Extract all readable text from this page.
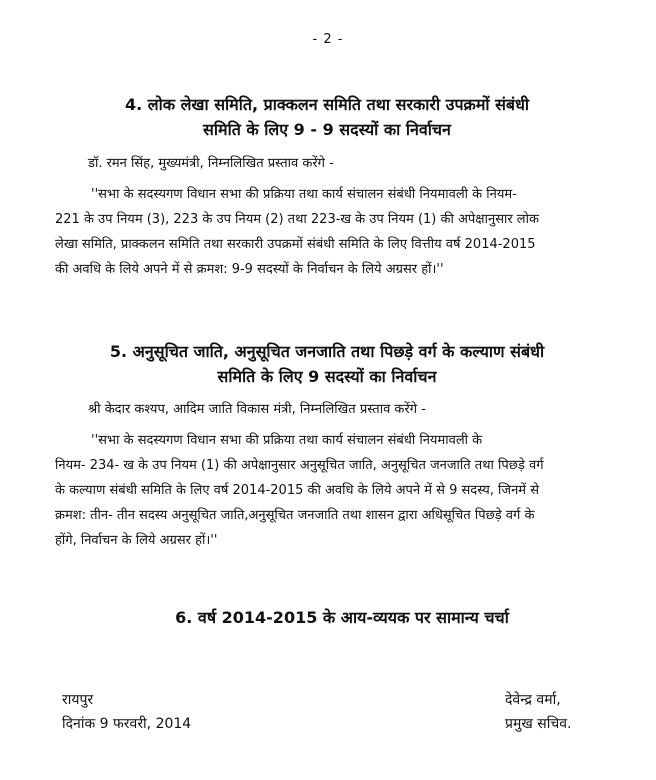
- 2 -
4. लोक लेखा समिति, प्राक्कलन समिति तथा सरकारी उपक्रमों संबंधी
समिति के लिए 9 - 9 सदस्यों का निर्वाचन
डॉ. रमन सिंह, मुख्यमंत्री, निम्नलिखित प्रस्ताव करेंगे -
''सभा के सदस्यगण विधान सभा की प्रक्रिया तथा कार्य संचालन संबंधी नियमावली के नियम-
221 के उप नियम (3), 223 के उप नियम (2) तथा 223-ख के उप नियम (1) की अपेक्षानुसार लोक
लेखा समिति, प्राक्कलन समिति तथा सरकारी उपक्रमों संबंधी समिति के लिए वित्तीय वर्ष 2014-2015
की अवधि के लिये अपने में से क्रमश: 9-9 सदस्यों के निर्वाचन के लिये अग्रसर हों।''
5. अनुसूचित जाति, अनुसूचित जनजाति तथा पिछड़े वर्ग के कल्याण संबंधी
समिति के लिए 9 सदस्यों का निर्वाचन
श्री केदार कश्यप, आदिम जाति विकास मंत्री, निम्नलिखित प्रस्ताव करेंगे -
''सभा के सदस्यगण विधान सभा की प्रक्रिया तथा कार्य संचालन संबंधी नियमावली के
नियम- 234- ख के उप नियम (1) की अपेक्षानुसार अनुसूचित जाति, अनुसूचित जनजाति तथा पिछड़े वर्ग
के कल्याण संबंधी समिति के लिए वर्ष 2014-2015 की अवधि के लिये अपने में से 9 सदस्य, जिनमें से
क्रमश: तीन- तीन सदस्य अनुसूचित जाति,अनुसूचित जनजाति तथा शासन द्वारा अधिसूचित पिछड़े वर्ग के
होंगे, निर्वाचन के लिये अग्रसर हों।''
6. वर्ष 2014-2015 के आय-व्ययक पर सामान्य चर्चा
रायपुर
दिनांक 9 फरवरी, 2014
देवेन्द्र वर्मा,
प्रमुख सचिव.
